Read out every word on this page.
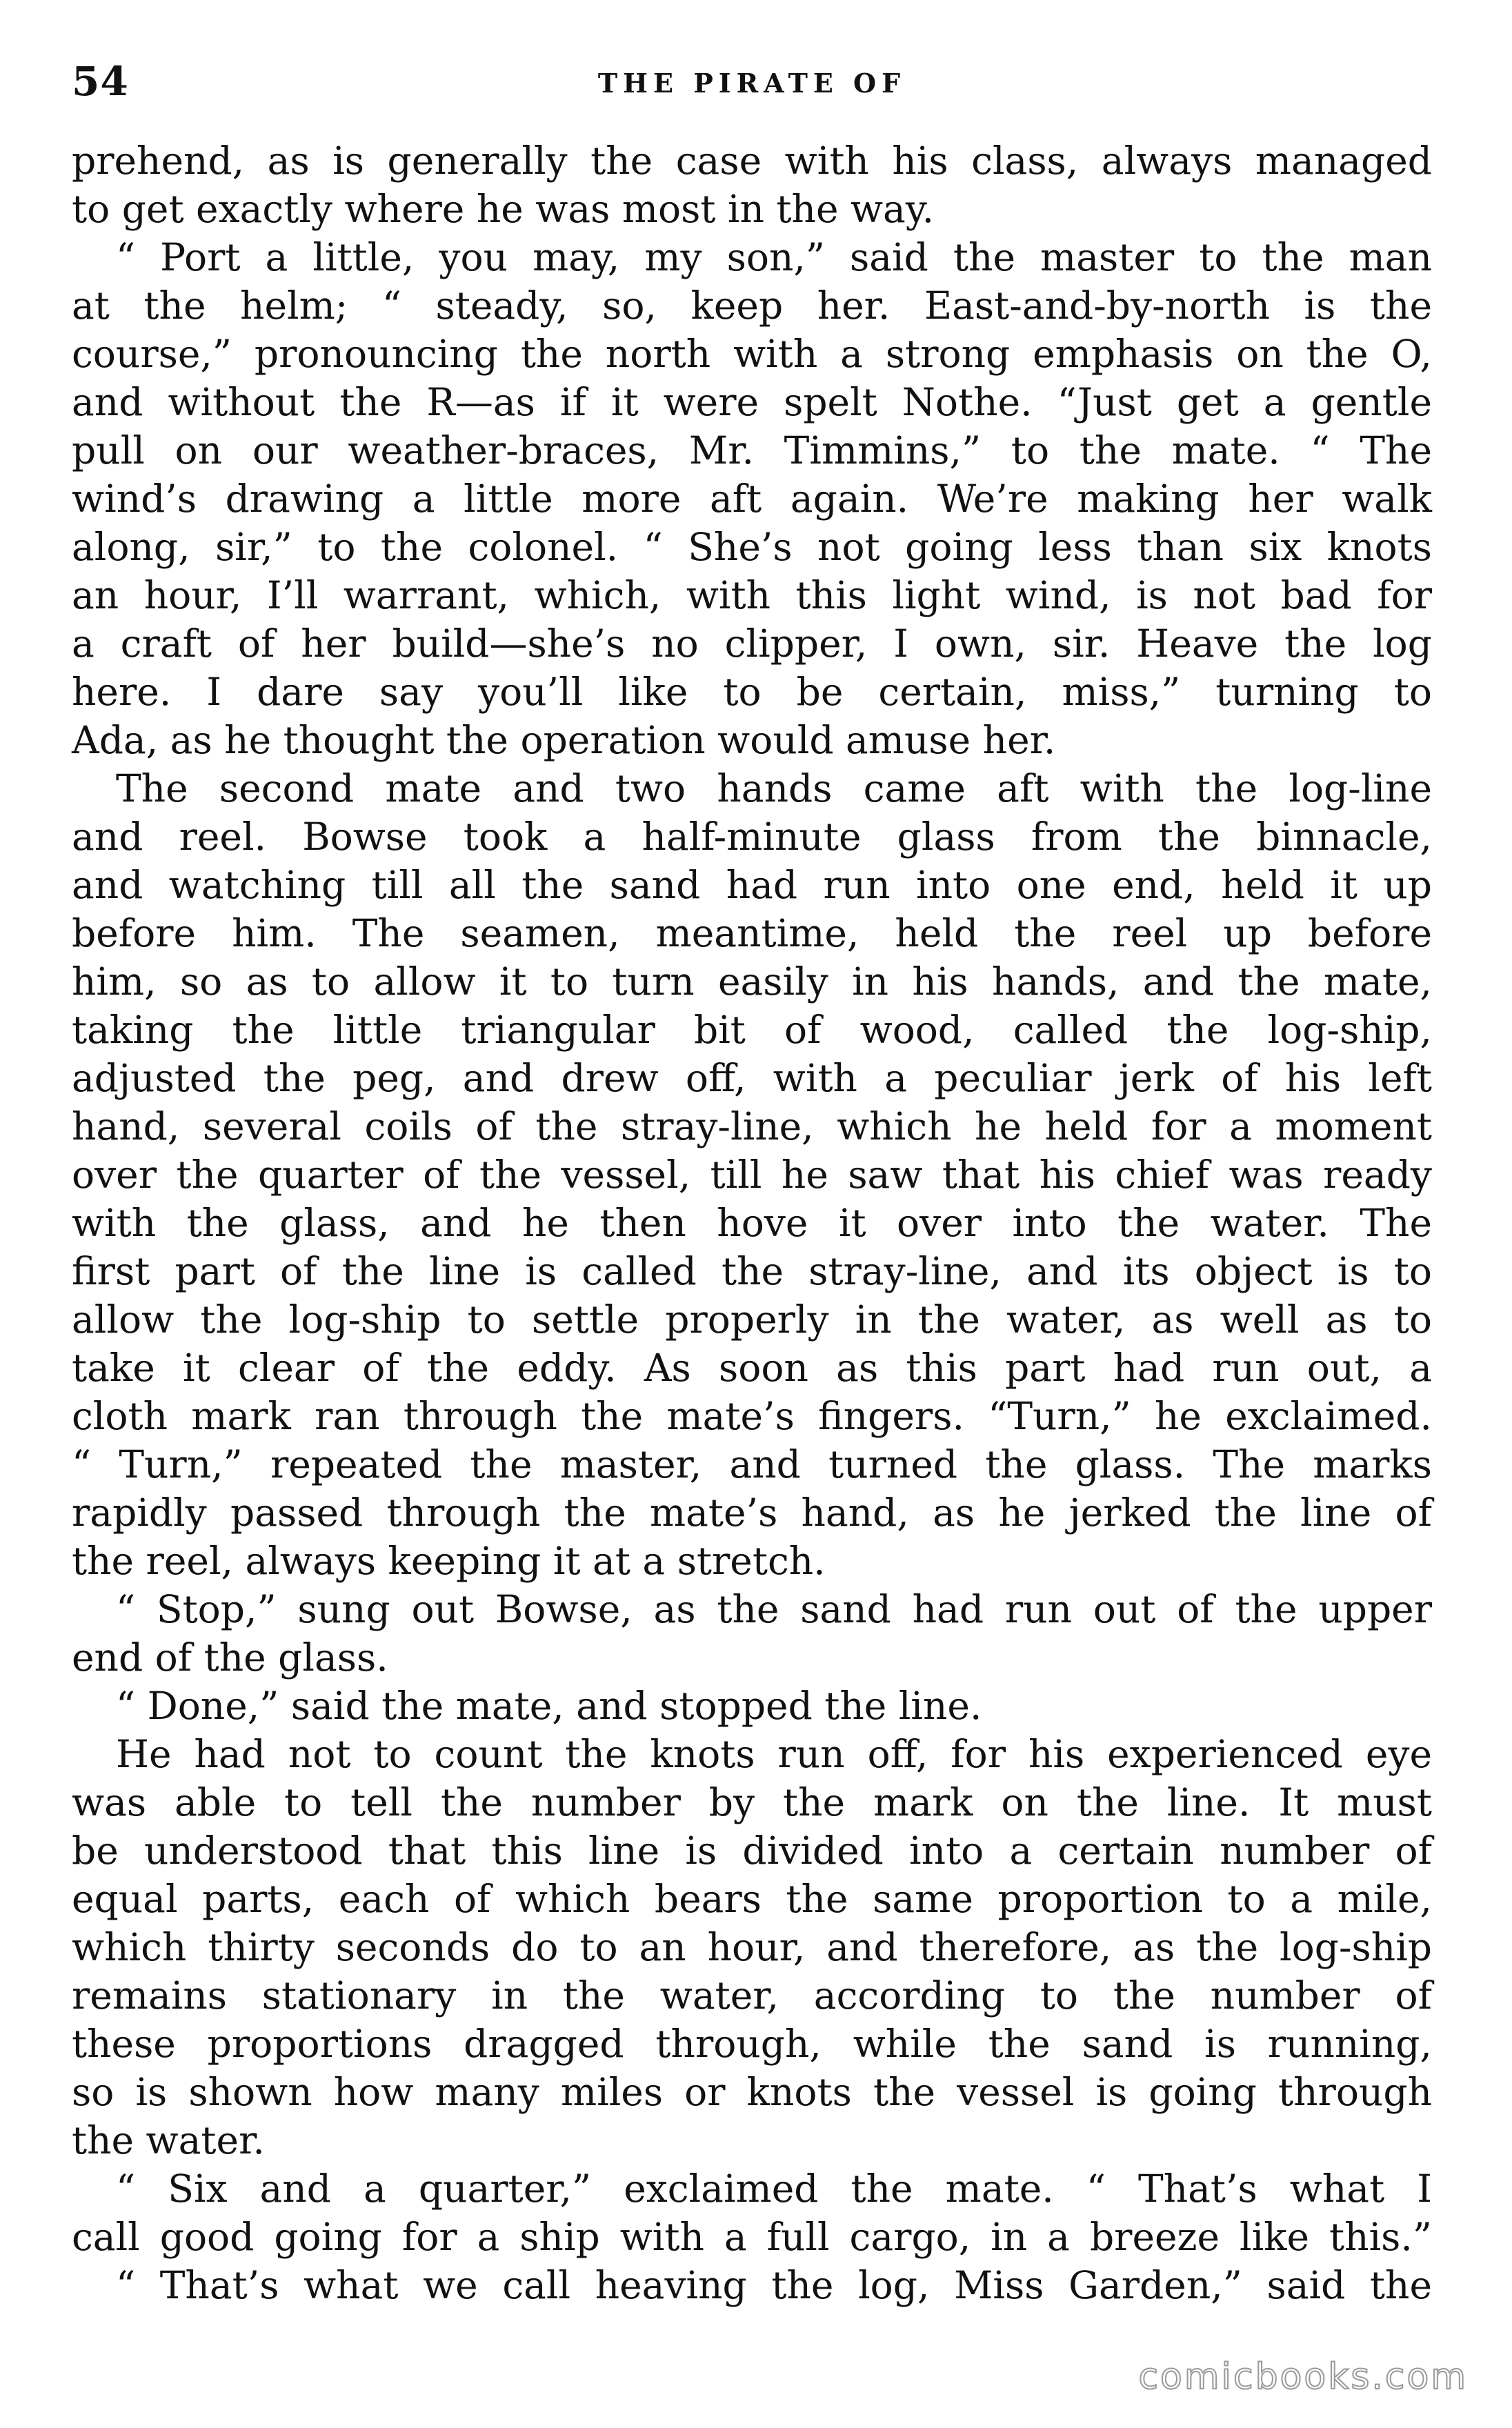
54	THE PIRATE OF
prehend, as is generally the case with his class, always managed
to get exactly where he was most in the way.
“ Port a little, you may, my son,” said the master to the man
at the helm; “ steady, so, keep her. East-and-by-north is the
course,” pronouncing the north with a strong emphasis on the O,
and without the R—as if it were spelt Nothe. “Just get a gentle
pull on our weather-braces, Mr. Timmins,” to the mate. “ The
wind’s drawing a little more aft again. We’re making her walk
along, sir,” to the colonel. “ She’s not going less than six knots
an hour, I’ll warrant, which, with this light wind, is not bad for
a craft of her build—she’s no clipper, I own, sir. Heave the log
here. I dare say you’ll like to be certain, miss,” turning to
Ada, as he thought the operation would amuse her.
The second mate and two hands came aft with the log-line
and reel. Bowse took a half-minute glass from the binnacle,
and watching till all the sand had run into one end, held it up
before him. The seamen, meantime, held the reel up before
him, so as to allow it to turn easily in his hands, and the mate,
taking the little triangular bit of wood, called the log-ship,
adjusted the peg, and drew off, with a peculiar jerk of his left
hand, several coils of the stray-line, which he held for a moment
over the quarter of the vessel, till he saw that his chief was ready
with the glass, and he then hove it over into the water. The
first part of the line is called the stray-line, and its object is to
allow the log-ship to settle properly in the water, as well as to
take it clear of the eddy. As soon as this part had run out, a
cloth mark ran through the mate’s fingers. “Turn,” he exclaimed.
“ Turn,” repeated the master, and turned the glass. The marks
rapidly passed through the mate’s hand, as he jerked the line of
the reel, always keeping it at a stretch.
“ Stop,” sung out Bowse, as the sand had run out of the upper
end of the glass.
“ Done,” said the mate, and stopped the line.
He had not to count the knots run off, for his experienced eye
was able to tell the number by the mark on the line. It must
be understood that this line is divided into a certain number of
equal parts, each of which bears the same proportion to a mile,
which thirty seconds do to an hour, and therefore, as the log-ship
remains stationary in the water, according to the number of
these proportions dragged through, while the sand is running,
so is shown how many miles or knots the vessel is going through
the water.
“ Six and a quarter,” exclaimed the mate. “ That’s what I
call good going for a ship with a full cargo, in a breeze like this.”
“ That’s what we call heaving the log, Miss Garden,” said the
comicbooks.com
